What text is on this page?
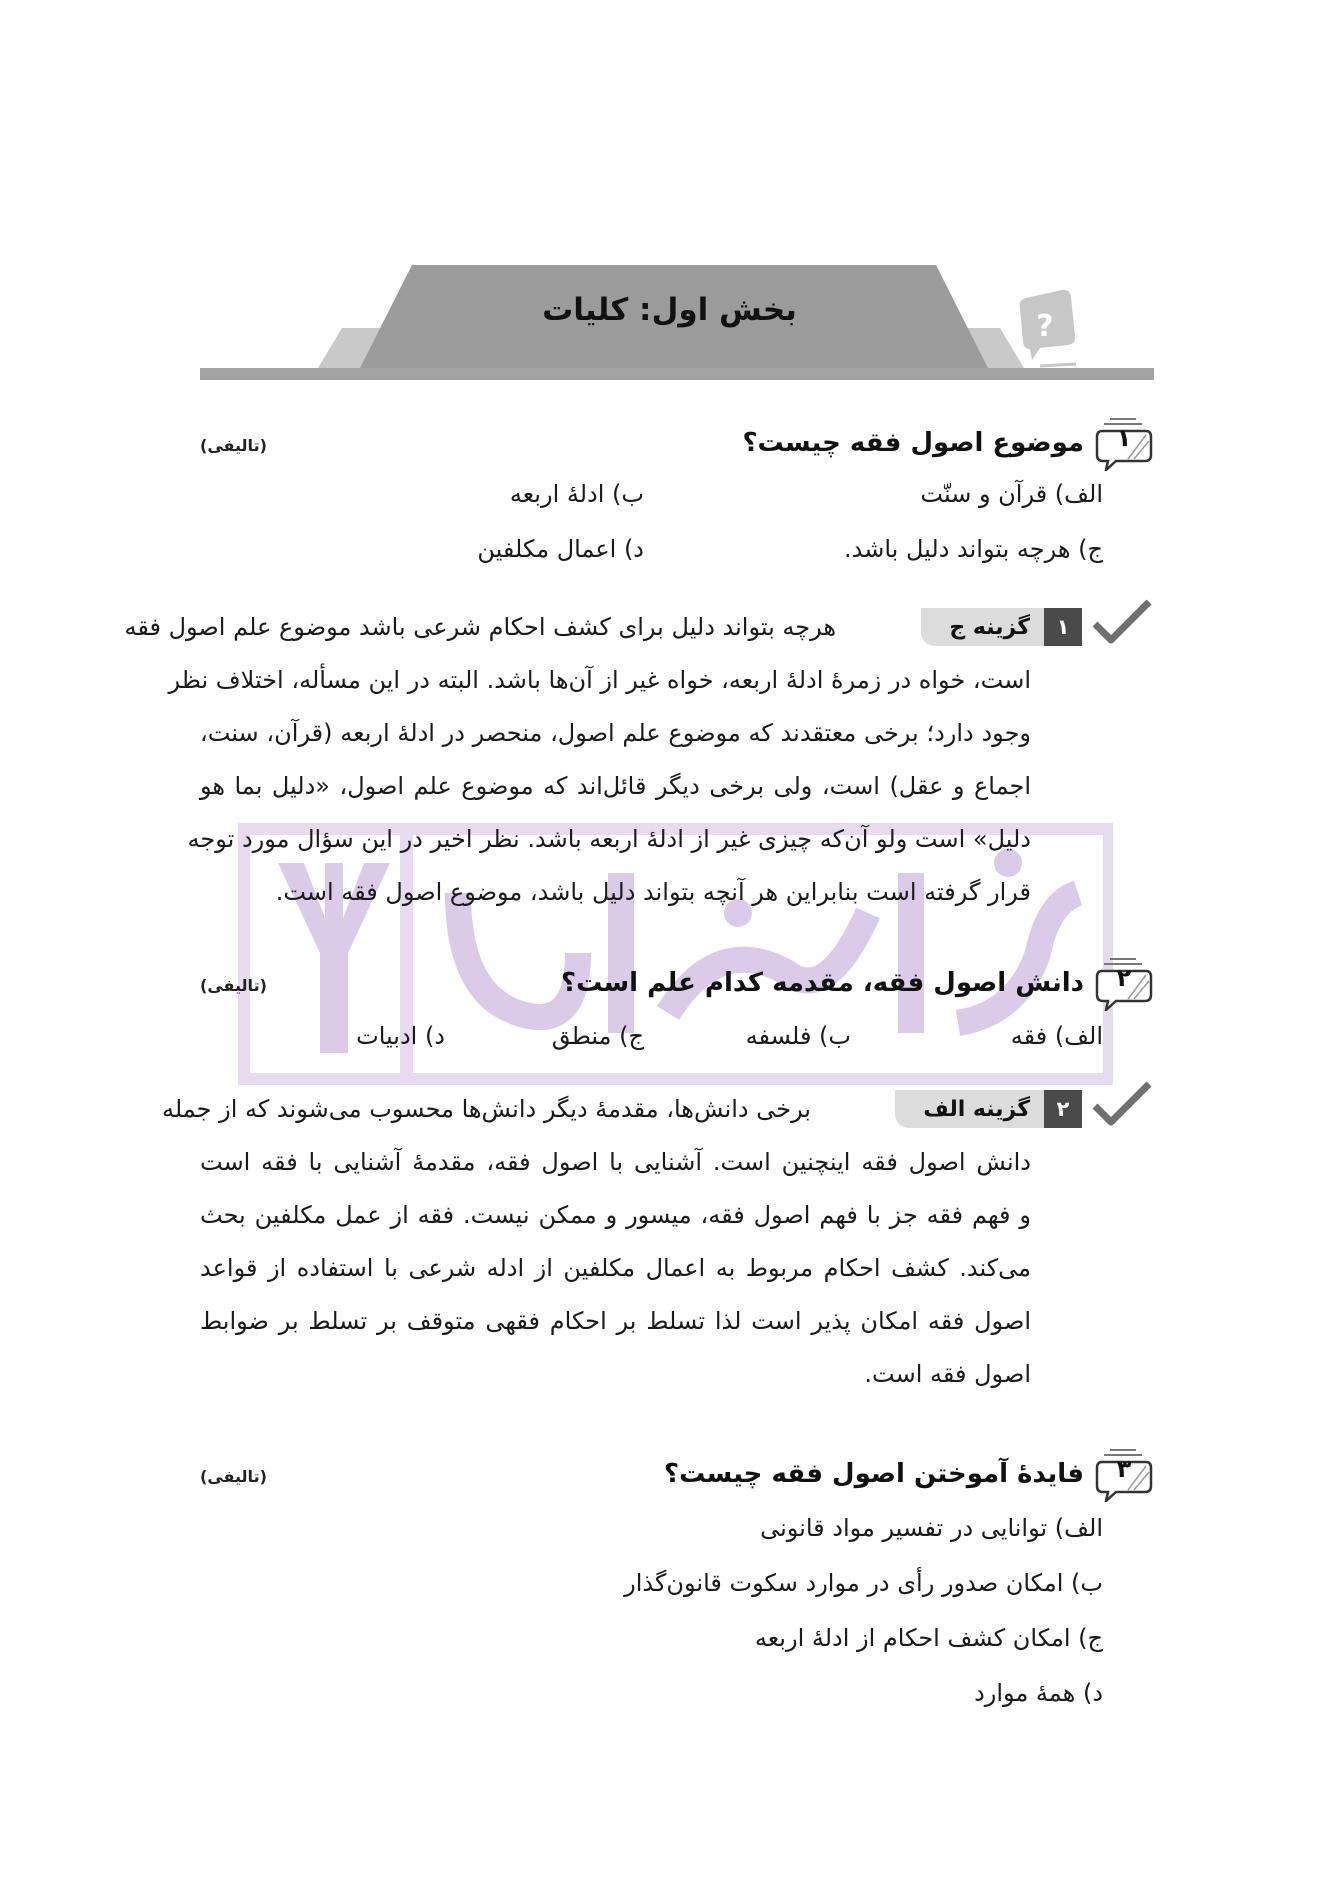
?
بخش اول: کلیات
۱
موضوع اصول فقه چیست؟
(تالیفی)
الف) قرآن و سنّت
ب) ادلهٔ اربعه
ج) هرچه بتواند دلیل باشد.
د) اعمال مکلفین
۱
گزینه ج
هرچه بتواند دلیل برای کشف احکام شرعی باشد موضوع علم اصول فقه
است، خواه در زمرهٔ ادلهٔ اربعه، خواه غیر از آن‌ها باشد. البته در این مسأله، اختلاف نظر
وجود دارد؛ برخی معتقدند که موضوع علم اصول، منحصر در ادلهٔ اربعه (قرآن، سنت،
اجماع و عقل) است، ولی برخی دیگر قائل‌اند که موضوع علم اصول، «دلیل بما هو
دلیل» است ولو آن‌که چیزی غیر از ادلهٔ اربعه باشد. نظر اخیر در این سؤال مورد توجه
قرار گرفته است بنابراین هر آنچه بتواند دلیل باشد، موضوع اصول فقه است.
۲
دانش اصول فقه، مقدمه کدام علم است؟
(تالیفی)
الف) فقه
ب) فلسفه
ج) منطق
د) ادبیات
۲
گزینه الف
برخی دانش‌ها، مقدمهٔ دیگر دانش‌ها محسوب می‌شوند که از جمله
دانش اصول فقه اینچنین است. آشنایی با اصول فقه، مقدمهٔ آشنایی با فقه است
و فهم فقه جز با فهم اصول فقه، میسور و ممکن نیست. فقه از عمل مکلفین بحث
می‌کند. کشف احکام مربوط به اعمال مکلفین از ادله شرعی با استفاده از قواعد
اصول فقه امکان پذیر است لذا تسلط بر احکام فقهی متوقف بر تسلط بر ضوابط
اصول فقه است.
۳
فایدهٔ آموختن اصول فقه چیست؟
(تالیفی)
الف) توانایی در تفسیر مواد قانونی
ب) امکان صدور رأی در موارد سکوت قانون‌گذار
ج) امکان کشف احکام از ادلهٔ اربعه
د) همهٔ موارد
